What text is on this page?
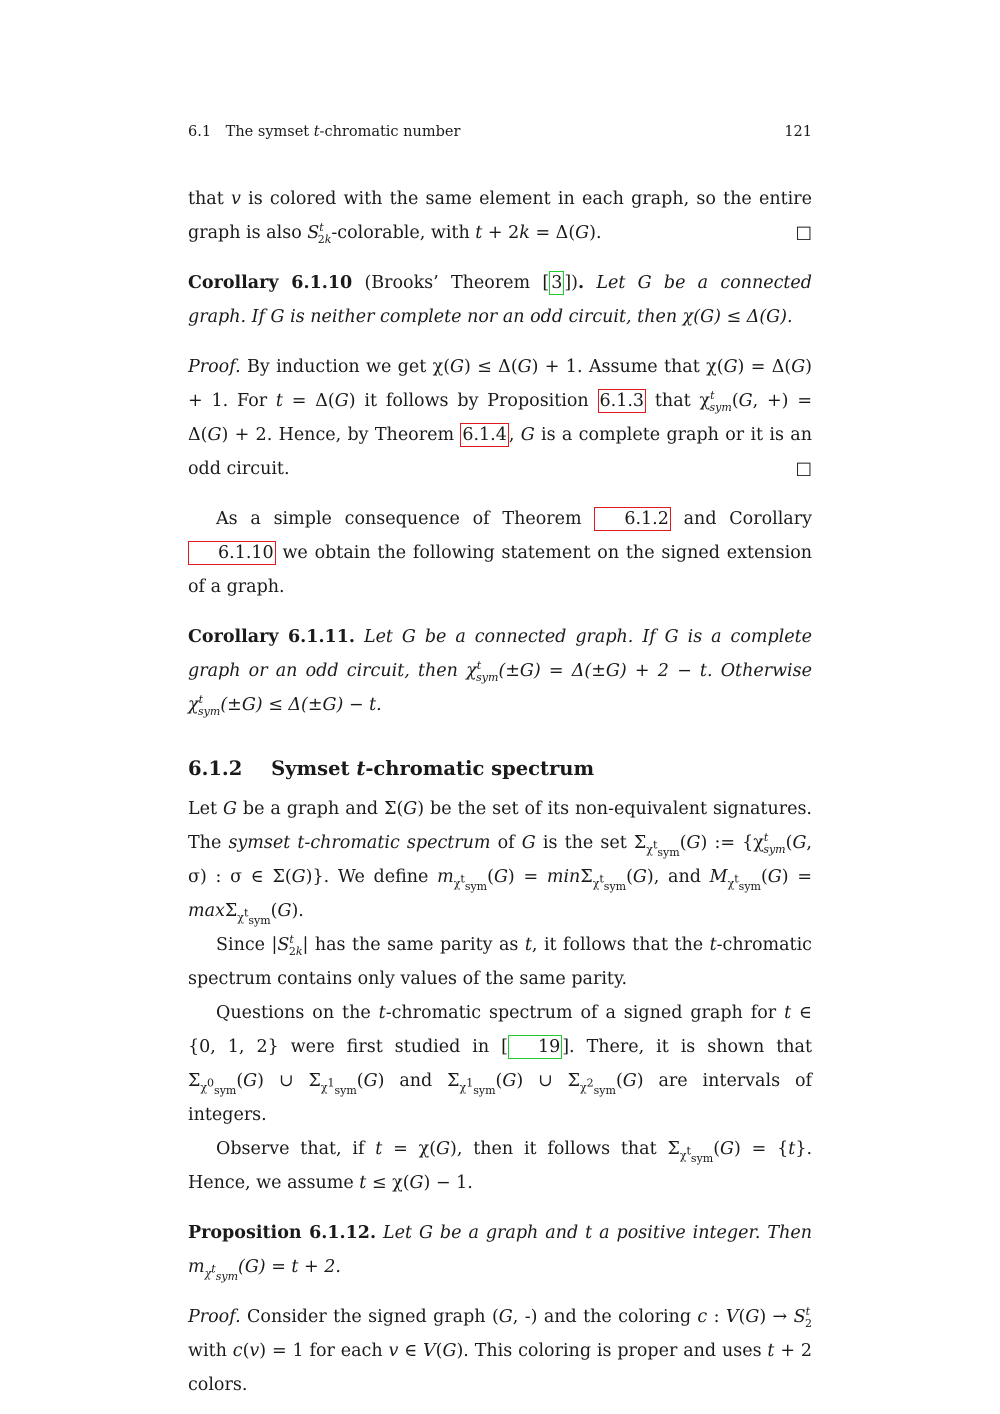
6.1 The symset t-chromatic number	121

that v is colored with the same element in each graph, so the entire graph is also $S^t_{2k}$-colorable, with t + 2k = Δ(G).	□

Corollary 6.1.10 (Brooks’ Theorem [ 3 ]). Let G be a connected graph. If G is neither complete nor an odd circuit, then χ(G) ≤ Δ(G).

Proof. By induction we get χ(G) ≤ Δ(G) + 1. Assume that χ(G) = Δ(G) + 1. For t = Δ(G) it follows by Proposition 6.1.3 that $\chi^t_{sym}(G$, +) = Δ(G) + 2. Hence, by Theorem 6.1.4 , G is a complete graph or it is an odd circuit.	□

As a simple consequence of Theorem 6.1.2 and Corollary 6.1.10 we obtain the following statement on the signed extension of a graph.

Corollary 6.1.11. Let G be a connected graph. If G is a complete graph or an odd circuit, then $\chi^t_{sym}(\pm G) = \Delta(\pm G) + 2 - t$. Otherwise $\chi^t_{sym}(\pm G) \le \Delta(\pm G) - t$.

6.1.2 Symset t-chromatic spectrum

Let G be a graph and Σ(G) be the set of its non-equivalent signatures. The symset t-chromatic spectrum of G is the set $\Sigma_{\chi^t_{sym}}(G)$ := {$\chi^t_{sym}(G$, σ) : σ ∈ Σ(G)}. We define $m_{\chi^t_{sym}}(G) = \min\Sigma_{\chi^t_{sym}}(G)$, and $M_{\chi^t_{sym}}(G) = \max\Sigma_{\chi^t_{sym}}(G)$.

Since $|S^t_{2k}|$ has the same parity as t, it follows that the t-chromatic spectrum contains only values of the same parity.

Questions on the t-chromatic spectrum of a signed graph for t ∈ {0, 1, 2} were first studied in [ 19 ]. There, it is shown that $\Sigma_{\chi^0_{sym}}(G)$ ∪ $\Sigma_{\chi^1_{sym}}(G)$ and $\Sigma_{\chi^1_{sym}}(G)$ ∪ $\Sigma_{\chi^2_{sym}}(G)$ are intervals of integers.

Observe that, if t = χ(G), then it follows that $\Sigma_{\chi^t_{sym}}(G) = \{t\}$. Hence, we assume t ≤ χ(G) − 1.

Proposition 6.1.12. Let G be a graph and t a positive integer. Then $m_{\chi^t_{sym}}(G) = t + 2$.

Proof. Consider the signed graph (G, -) and the coloring c : $V(G) \to S^t_2$ with c(v) = 1 for each v ∈ V(G). This coloring is proper and uses t + 2 colors.
